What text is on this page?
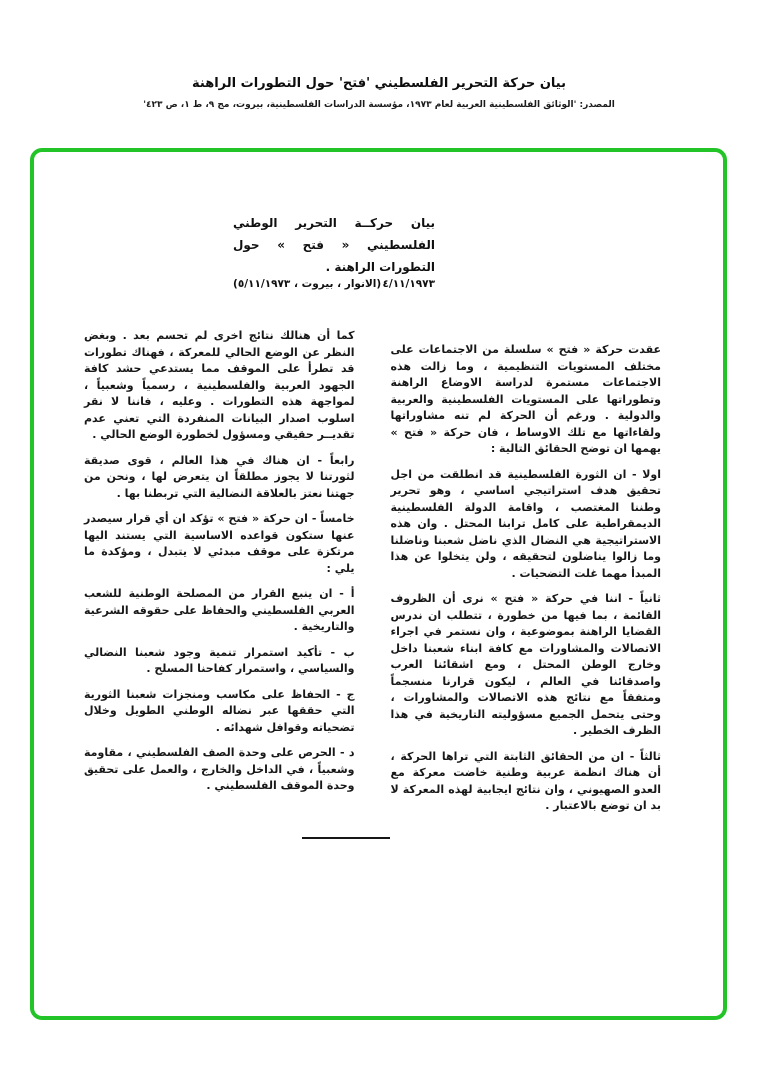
بيان حركة التحرير الفلسطيني 'فتح' حول التطورات الراهنة
المصدر: 'الوثائق الفلسطينية العربية لعام ١٩٧٣، مؤسسة الدراسات الفلسطينية، بيروت، مج ٩، ط ١، ص ٤٢٣'
بيان حركــة التحرير الوطني الفلسطيني « فتح » حول التطورات الراهنة .
٤/١١/١٩٧٣
(الانوار ، بيروت ، ٥/١١/١٩٧٣)

عقدت حركة « فتح » سلسلة من الاجتماعات على مختلف المستويات التنظيمية ، وما زالت هذه الاجتماعات مستمرة لدراسة الاوضاع الراهنة وتطوراتها على المستويات الفلسطينية والعربية والدولية . ورغم أن الحركة لم تنه مشاوراتها ولقاءاتها مع تلك الاوساط ، فان حركة « فتح » يهمها ان توضح الحقائق التالية :

اولا - ان الثورة الفلسطينية قد انطلقت من اجل تحقيق هدف استراتيجي اساسي ، وهو تحرير وطننا المغتصب ، واقامة الدولة الفلسطينية الديمقراطية على كامل ترابنا المحتل . وان هذه الاستراتيجية هي النضال الذي ناضل شعبنا وناضلنا وما زالوا يناضلون لتحقيقه ، ولن يتخلوا عن هذا المبدأ مهما غلت التضحيات .

ثانياً - اننا في حركة « فتح » نرى أن الظروف القائمة ، بما فيها من خطورة ، تتطلب ان ندرس القضايا الراهنة بموضوعية ، وان نستمر في اجراء الاتصالات والمشاورات مع كافة ابناء شعبنا داخل وخارج الوطن المحتل ، ومع اشقائنا العرب واصدقائنا في العالم ، ليكون قرارنا منسجماً ومتفقاً مع نتائج هذه الاتصالات والمشاورات ، وحتى يتحمل الجميع مسؤوليته التاريخية في هذا الظرف الخطير .

ثالثاً - ان من الحقائق الثابتة التي تراها الحركة ، أن هناك انظمة عربية وطنية خاضت معركة مع العدو الصهيوني ، وان نتائج ايجابية لهذه المعركة لا بد ان توضع بالاعتبار .

كما أن هنالك نتائج اخرى لم تحسم بعد . وبغض النظر عن الوضع الحالي للمعركة ، فهناك تطورات قد تطرأ على الموقف مما يستدعي حشد كافة الجهود العربية والفلسطينية ، رسمياً وشعبياً ، لمواجهة هذه التطورات . وعليه ، فاننا لا نقر اسلوب اصدار البيانات المنفردة التي تعني عدم تقديــر حقيقي ومسؤول لخطورة الوضع الحالي .

رابعاً - ان هناك في هذا العالم ، قوى صديقة لثورتنا لا يجوز مطلقاً ان يتعرض لها ، ونحن من جهتنا نعتز بالعلاقة النضالية التي تربطنا بها .

خامساً - ان حركة « فتح » تؤكد ان أي قرار سيصدر عنها ستكون قواعده الاساسية التي يستند اليها مرتكزة على موقف مبدئي لا يتبدل ، ومؤكدة ما يلي :

أ - ان ينبع القرار من المصلحة الوطنية للشعب العربي الفلسطيني والحفاظ على حقوقه الشرعية والتاريخية .

ب - تأكيد استمرار تنمية وجود شعبنا النضالي والسياسي ، واستمرار كفاحنا المسلح .

ج - الحفاظ على مكاسب ومنجزات شعبنا الثورية التي حققها عبر نضاله الوطني الطويل وخلال تضحياته وقوافل شهدائه .

د - الحرص على وحدة الصف الفلسطيني ، مقاومة وشعبياً ، في الداخل والخارج ، والعمل على تحقيق وحدة الموقف الفلسطيني .
